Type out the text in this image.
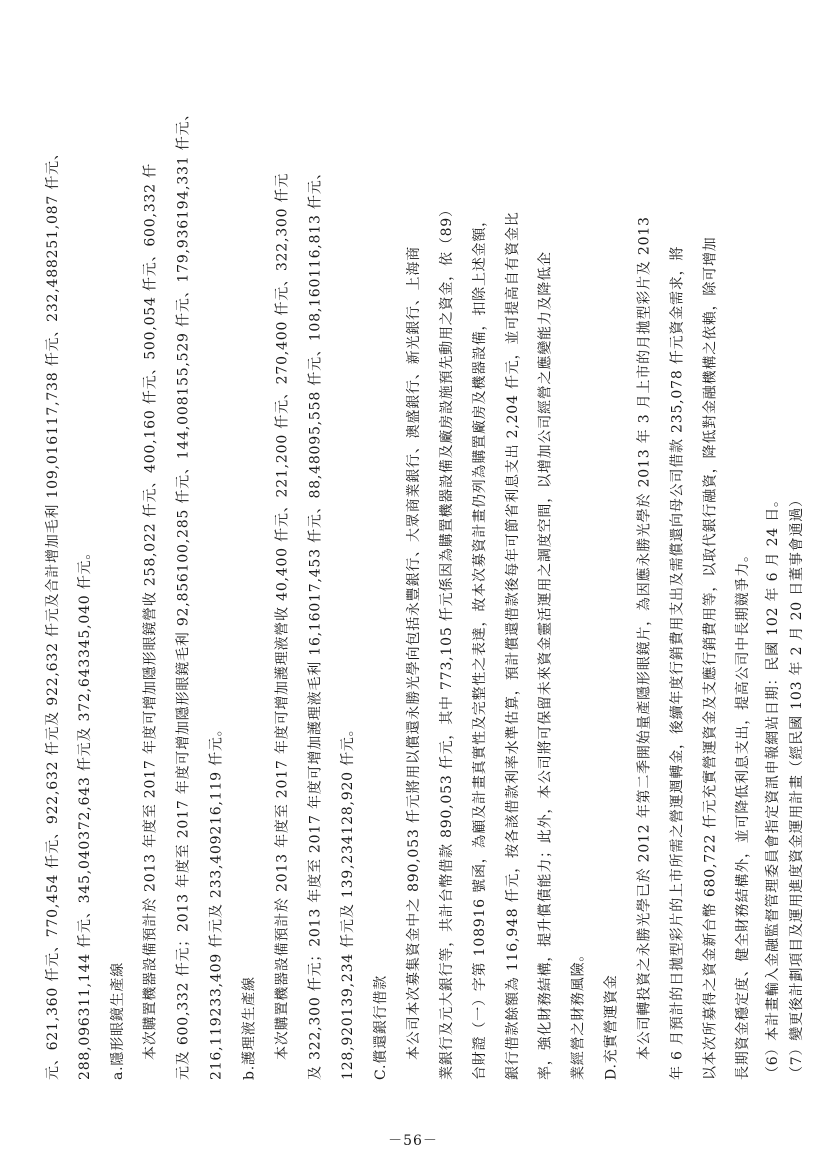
元、621,360 仟元、770,454 仟元、922,632 仟元及 922,632 仟元及合計增加毛利 109,016117,738 仟元、232,488251,087 仟元、 288,096311,144 仟元、345,040372,643 仟元及 372,643345,040 仟元。 a.隱形眼鏡生產線 本次購置機器設備預計於 2013 年度至 2017 年度可增加隱形眼鏡營收 258,022 仟元、400,160 仟元、500,054 仟元、600,332 仟 元及 600,332 仟元；2013 年度至 2017 年度可增加隱形眼鏡毛利 92,856100,285 仟元、144,008155,529 仟元、179,936194,331 仟元、 216,119233,409 仟元及 233,409216,119 仟元。 b.護理液生產線 本次購置機器設備預計於 2013 年度至 2017 年度可增加護理液營收 40,400 仟元、221,200 仟元、270,400 仟元、322,300 仟元 及 322,300 仟元；2013 年度至 2017 年度可增加護理液毛利 16,16017,453 仟元、88,48095,558 仟元、108,160116,813 仟元、 128,920139,234 仟元及 139,234128,920 仟元。 C.償還銀行借款 本公司本次募集資金中之 890,053 仟元將用以償還永勝光學向包括永豐銀行、大眾商業銀行、澳盛銀行、新光銀行、上海商 業銀行及元大銀行等，共計台幣借款 890,053 仟元，其中 773,105 仟元係因為購置機器設備及廠房設施預先動用之資金，依（89） 台財證（一）字第 108916 號函，為顧及計畫真實性及完整性之表達，故本次募資計畫仍列為購置廠房及機器設備，扣除上述金額， 銀行借款餘額為 116,948 仟元，按各該借款利率水準估算，預計償還借款後每年可節省利息支出 2,204 仟元，並可提高自有資金比 率，強化財務結構，提升償債能力；此外，本公司將可保留未來資金靈活運用之調度空間，以增加公司經營之應變能力及降低企 業經營之財務風險。 D.充實營運資金 本公司轉投資之永勝光學已於 2012 年第二季開始量產隱形眼鏡片，為因應永勝光學於 2013 年 3 月上市的月拋型彩片及 2013 年 6 月預計的日拋型彩片的上市所需之營運週轉金，後續年度行銷費用支出及需償還向母公司借款 235,078 仟元資金需求，將 以本次所募得之資金新台幣 680,722 仟元充實營運資金及支應行銷費用等，以取代銀行融資，降低對金融機構之依賴，除可增加 長期資金穩定度、健全財務結構外，並可降低利息支出，提高公司中長期競爭力。 （6）本計畫輸入金融監督管理委員會指定資訊申報網站日期：民國 102 年 6 月 24 日。 （7）變更後計劃項目及運用進度資金運用計畫（經民國 103 年 2 月 20 日董事會通過）
－56－
